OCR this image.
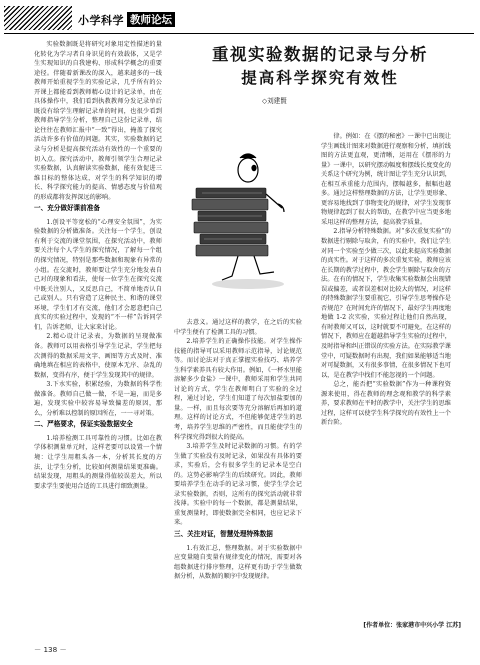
小学科学 教师论坛

实验数据既是将研究对象用定性描述的量化转化为学习者自身识见的有效载体，又是学生实现知识的自我建构、形成科学概念的重要途径。伴随着新课改的深入，越来越多的一线教师开始重视学生的实验记录，几乎所有的公开课上都能看到教师精心设计的记录单，由在具体操作中，我们看到执教教师分发记录单后既没有给学生理解记录单的时间，也很少看到教师指导学生分析，整理自己这份记录单，结论往往在教师汇报中“一致”得出，掩盖了探究活动许多有价值的问题。其实，实验数据的记录与分析是提高探究活动有效性的一个重要的切入点。探究活动中，教师引领学生合理记录实验数据，认真解读实验数据，能有效促进三维目标的整体达成，对学生的科学知识的增长、科学探究能力的提高、情感态度与价值观的形成都将发挥深远的影响。

一、充分做好课前准备

1.创设平等宽松的“心理安全氛围”，为实验数据的分析做准备。关注每一个学生，创设有利于交流的课堂氛围，在探究活动中，教师要关注每个人学生的探究情况，了解每一个组的探究情况，特别是那些数据和现象有异常的小组。在交流时，教师要让学生充分地发表自己对的现象和看法，使每一位学生在探究交流中既关注别人，又反思自己，不简单地否认自己或别人。只有营造了这种民主、和谐的课堂环境，学生们才有交流，他们才会愿意把自己真实的实验过程中，发现的“不一样”告诉同学们，告诉老师，让大家来讨论。

2.精心设计记录表，为数据的呈现做准备。教师可以用表格引导学生记录，学生把每次测得的数据采用文字、画图等方式及时、准确地填在相应的表格中，使原本无序、杂乱的数据，变得有序，便于学生发现其中的规律。

3.下水实验，积累经验，为数据的科学性做准备。教师自己做一做，不是一遍，而是多遍，发现实验中较容易导致偏差的原因，那么，分析难以控制的原因所在，一一寻对策。

二、严格要求，保证实验数据安全

1.培养检测工具可靠性的习惯。比如在教学体积测量单元时，这样老要可以设置一个情境：让学生用粗头各一本，分析其长度的方法，让学生分析，比较如何测量结果更准确。结果发现，用粗头的测量得值较误差大，所以要求学生要使用合适的工具进行细致测量。

重视实验数据的记录与分析
提高科学探究有效性
◇刘建賢

去意义。通过这样的教学，在之后的实验中学生便有了检测工具的习惯。

2.培养学生的正确操作技能。对学生操作技能的指导可以采用教师示范指导，讨论规范等。而讨论法对于真正掌握实验技巧、培养学生科学素养具有较大作用。例如，《一杯水里能溶解多少食盐》一课中，教师采用和学生共同讨论的方式，学生在教师明白了实验的全过程，通过讨论，学生们知道了每次加盐要加的量。一样，而且每次要等充分溶解后再加的道理。这样的讨论方式，不但能够促进学生的思考，培养学生思维的严密性，而且能使学生的科学探究得到很大的提高。

3.培养学生及时记录数据的习惯。有的学生做了实验没有及时记录，如果没有具体的要求，实验后，会有很多学生的记录本是空白的。这势必影响学生的后续研究。因此，教师要培养学生在动手的记录习惯，使学生学会记录实验数据，否则，这所有的探究活动就非常浅薄。实验中的每一个数据，都是测量结果，重复测量时，即使数据完全相同，也应记录下来。

三、关注对证，智慧处理特殊数据

1.有效汇总，整理数据。对于实验数据中应变量随自变量有规律变化的情况，需要对各组数据进行排序整理，这样更有助于学生做数据分析，从数据的顺序中发现规律。

律。例如：在《摆的秘密》一课中已出现让学生画线计图来对数据进行观察和分析，填折线图的方法更直观，更清晰，运用在《摆形的力量》一课中，以研究摆动幅度和摆线长度变化的关系这个研究为例，统计图让学生充分认识到，在相互承重能力范围内，摆幅越多，振幅也越多。通过这样整理数据的方法，让学生更形象、更容易地找到了事物变化的规律，对学生发现事物规律起到了很大的帮助，在教学中应当更多地采用这样的整理方法，提高教学质量。

2.指导分析特殊数据。对“多次重复实验”的数据进行剔除与取舍，有的实验中，我们让学生对同一个实验至少做三次，以此来提高实验数据的真实性。对于这样的多次重复实验，教师应该在长期的教学过程中，教会学生剔除与取舍的方法。在有的情况下，学生收集实验数据会出现错误或偏差，或者误差相对比较大的情况，对这样的特殊数据学生要重视它，引导学生思考操作是否规范？在时间允许的情况下，最好学生再度地地做 1-2 次实验，实验过程让他们自然出现，有时教师又可以，这时就要不可避免，在这样的情况下，教师应在超越指导学生实验的过程中，及时指导和纠正错误的实验方法。在实际教学课堂中，可疑数据时有出现，我们如果能够适当地对可疑数据，又有很多事情，在很多情况下也可以，是在教学中找们不能忽视的一个问题。

总之，能否把“实验数据”作为一种课程资源来使用，得在教师的理念观和教学的科学素养，要求教师在平时的教学中，关注学生的思维过程，这样可以使学生科学探究的有效性上一个新台阶。

[作者单位：张家港市中兴小学 江苏]
－ 138 －
